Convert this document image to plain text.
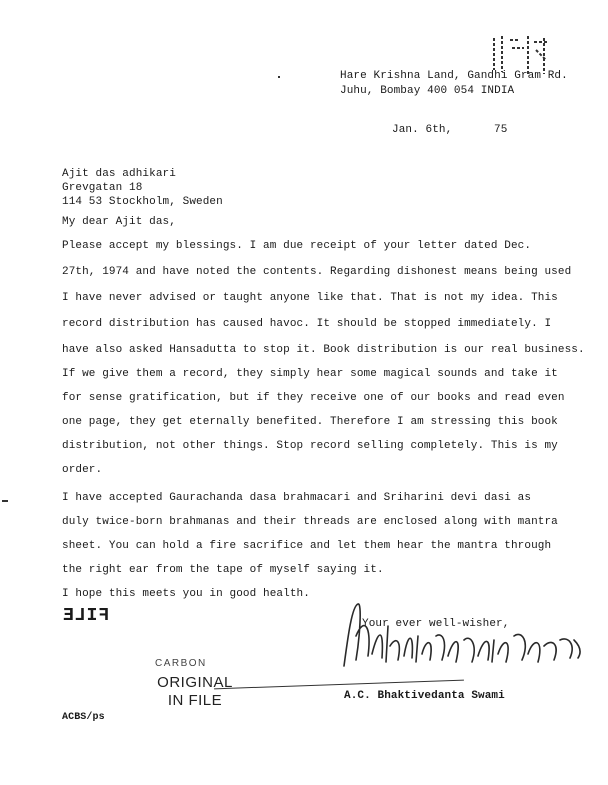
Hare Krishna Land, Gandhi Gram Rd.
Juhu, Bombay 400 054 INDIA
Jan. 6th,	75
Ajit das adhikari
Grevgatan 18
114 53 Stockholm, Sweden
My dear Ajit das,
Please accept my blessings. I am due receipt of your letter dated Dec.
27th, 1974 and have noted the contents. Regarding dishonest means being used
I have never advised or taught anyone like that. That is not my idea. This
record distribution has caused havoc. It should be stopped immediately. I
have also asked Hansadutta to stop it. Book distribution is our real business.
If we give them a record, they simply hear some magical sounds and take it
for sense gratification, but if they receive one of our books and read even
one page, they get eternally benefited. Therefore I am stressing this book
distribution, not other things. Stop record selling completely. This is my
order.
I have accepted Gaurachanda dasa brahmacari and Sriharini devi dasi as
duly twice-born brahmanas and their threads are enclosed along with mantra
sheet. You can hold a fire sacrifice and let them hear the mantra through
the right ear from the tape of myself saying it.
I hope this meets you in good health.
FILE	Your ever well-wisher,
A.C. Bhaktivedanta Swami
CARBON
ORIGINAL
IN FILE
ACBS/ps
